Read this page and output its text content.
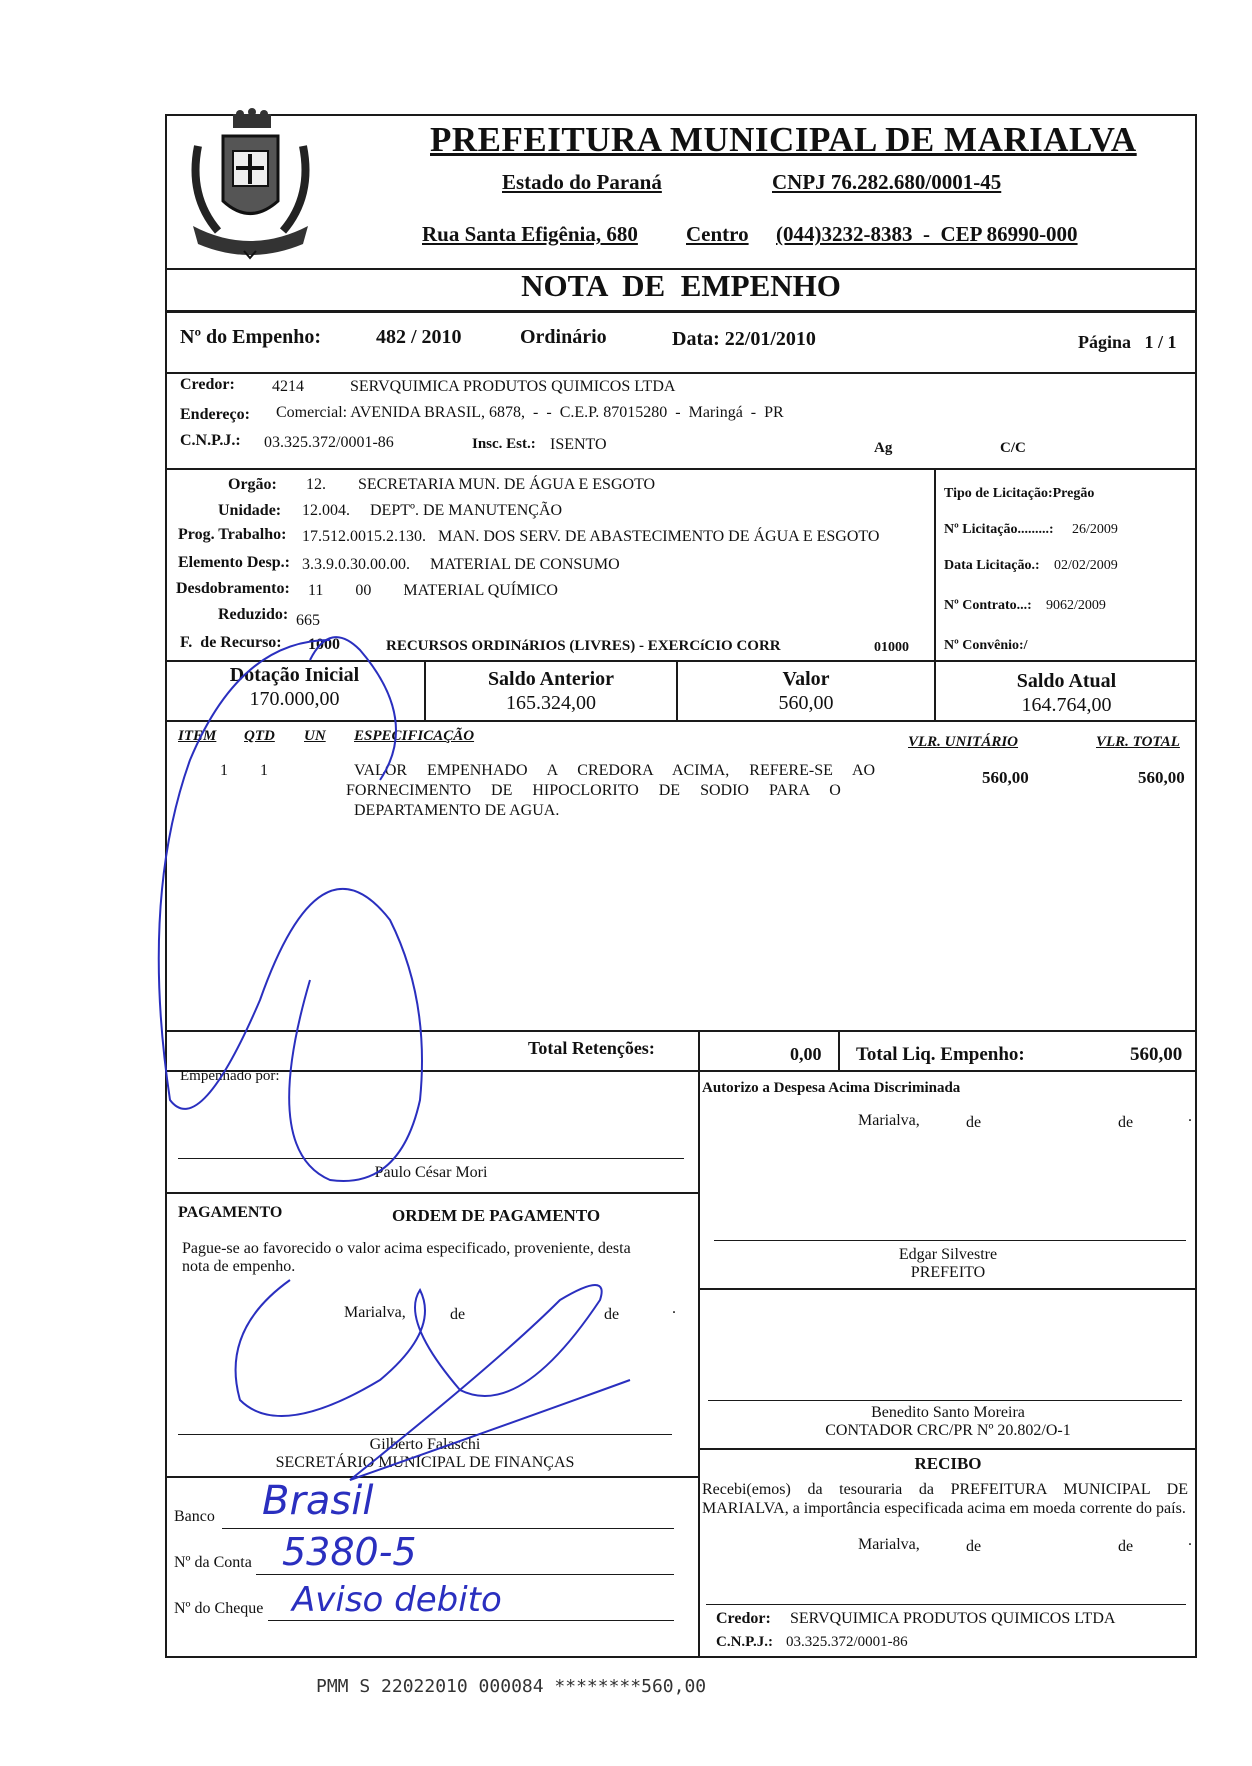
PREFEITURA MUNICIPAL DE MARIALVA
Estado do Paraná	CNPJ 76.282.680/0001-45
Rua Santa Efigênia, 680 Centro (044)3232-8383  -  CEP 86990-000
NOTA  DE  EMPENHO
Nº do Empenho:	482 / 2010	Ordinário	Data: 22/01/2010	Página   1 / 1
Credor: 4214	SERVQUIMICA PRODUTOS QUIMICOS LTDA
Endereço: Comercial: AVENIDA BRASIL, 6878,  -  -  C.E.P. 87015280  -  Maringá  -  PR
C.N.P.J.: 03.325.372/0001-86	Insc. Est.: ISENTO	Ag	C/C
Orgão: 12.        SECRETARIA MUN. DE ÁGUA E ESGOTO
Unidade: 12.004.     DEPTº. DE MANUTENÇÃO
Prog. Trabalho: 17.512.0015.2.130.   MAN. DOS SERV. DE ABASTECIMENTO DE ÁGUA E ESGOTO
Elemento Desp.: 3.3.9.0.30.00.00.     MATERIAL DE CONSUMO
Desdobramento: 11        00        MATERIAL QUÍMICO
Reduzido: 665
F.  de Recurso: 1000	RECURSOS ORDINáRIOS (LIVRES) - EXERCíCIO CORR	01000
Tipo de Licitação:Pregão
Nº Licitação.........: 26/2009
Data Licitação.: 02/02/2009
Nº Contrato...: 9062/2009
Nº Convênio:/
Dotação Inicial
170.000,00
Saldo Anterior
165.324,00
Valor
560,00
Saldo Atual
164.764,00
ITEM QTD UN ESPECIFICAÇÃO	VLR. UNITÁRIO	VLR. TOTAL
1 1	VALOR     EMPENHADO     A     CREDORA     ACIMA,     REFERE-SE     AO
FORNECIMENTO     DE     HIPOCLORITO     DE     SODIO     PARA     O
DEPARTAMENTO DE AGUA.
560,00	560,00
Total Retenções:	0,00 Total Liq. Empenho:	560,00
Empenhado por:
Paulo César Mori
PAGAMENTO	ORDEM DE PAGAMENTO
Pague-se ao favorecido o valor acima especificado, proveniente, desta
nota de empenho.
Marialva,	de	de	.
Gilberto Falaschi
SECRETÁRIO MUNICIPAL DE FINANÇAS
Banco Brasil
Nº da Conta 5380-5
Nº do Cheque Aviso debito
Autorizo a Despesa Acima Discriminada
Marialva,	de	de	.
Edgar Silvestre
PREFEITO
Benedito Santo Moreira
CONTADOR CRC/PR Nº 20.802/O-1
RECIBO
Recebi(emos) da tesouraria da PREFEITURA MUNICIPAL DE MARIALVA, a importância especificada acima em moeda corrente do país.
Marialva,	de	de	.
Credor: SERVQUIMICA PRODUTOS QUIMICOS LTDA
C.N.P.J.: 03.325.372/0001-86
PMM S 22022010 000084 ********560,00
